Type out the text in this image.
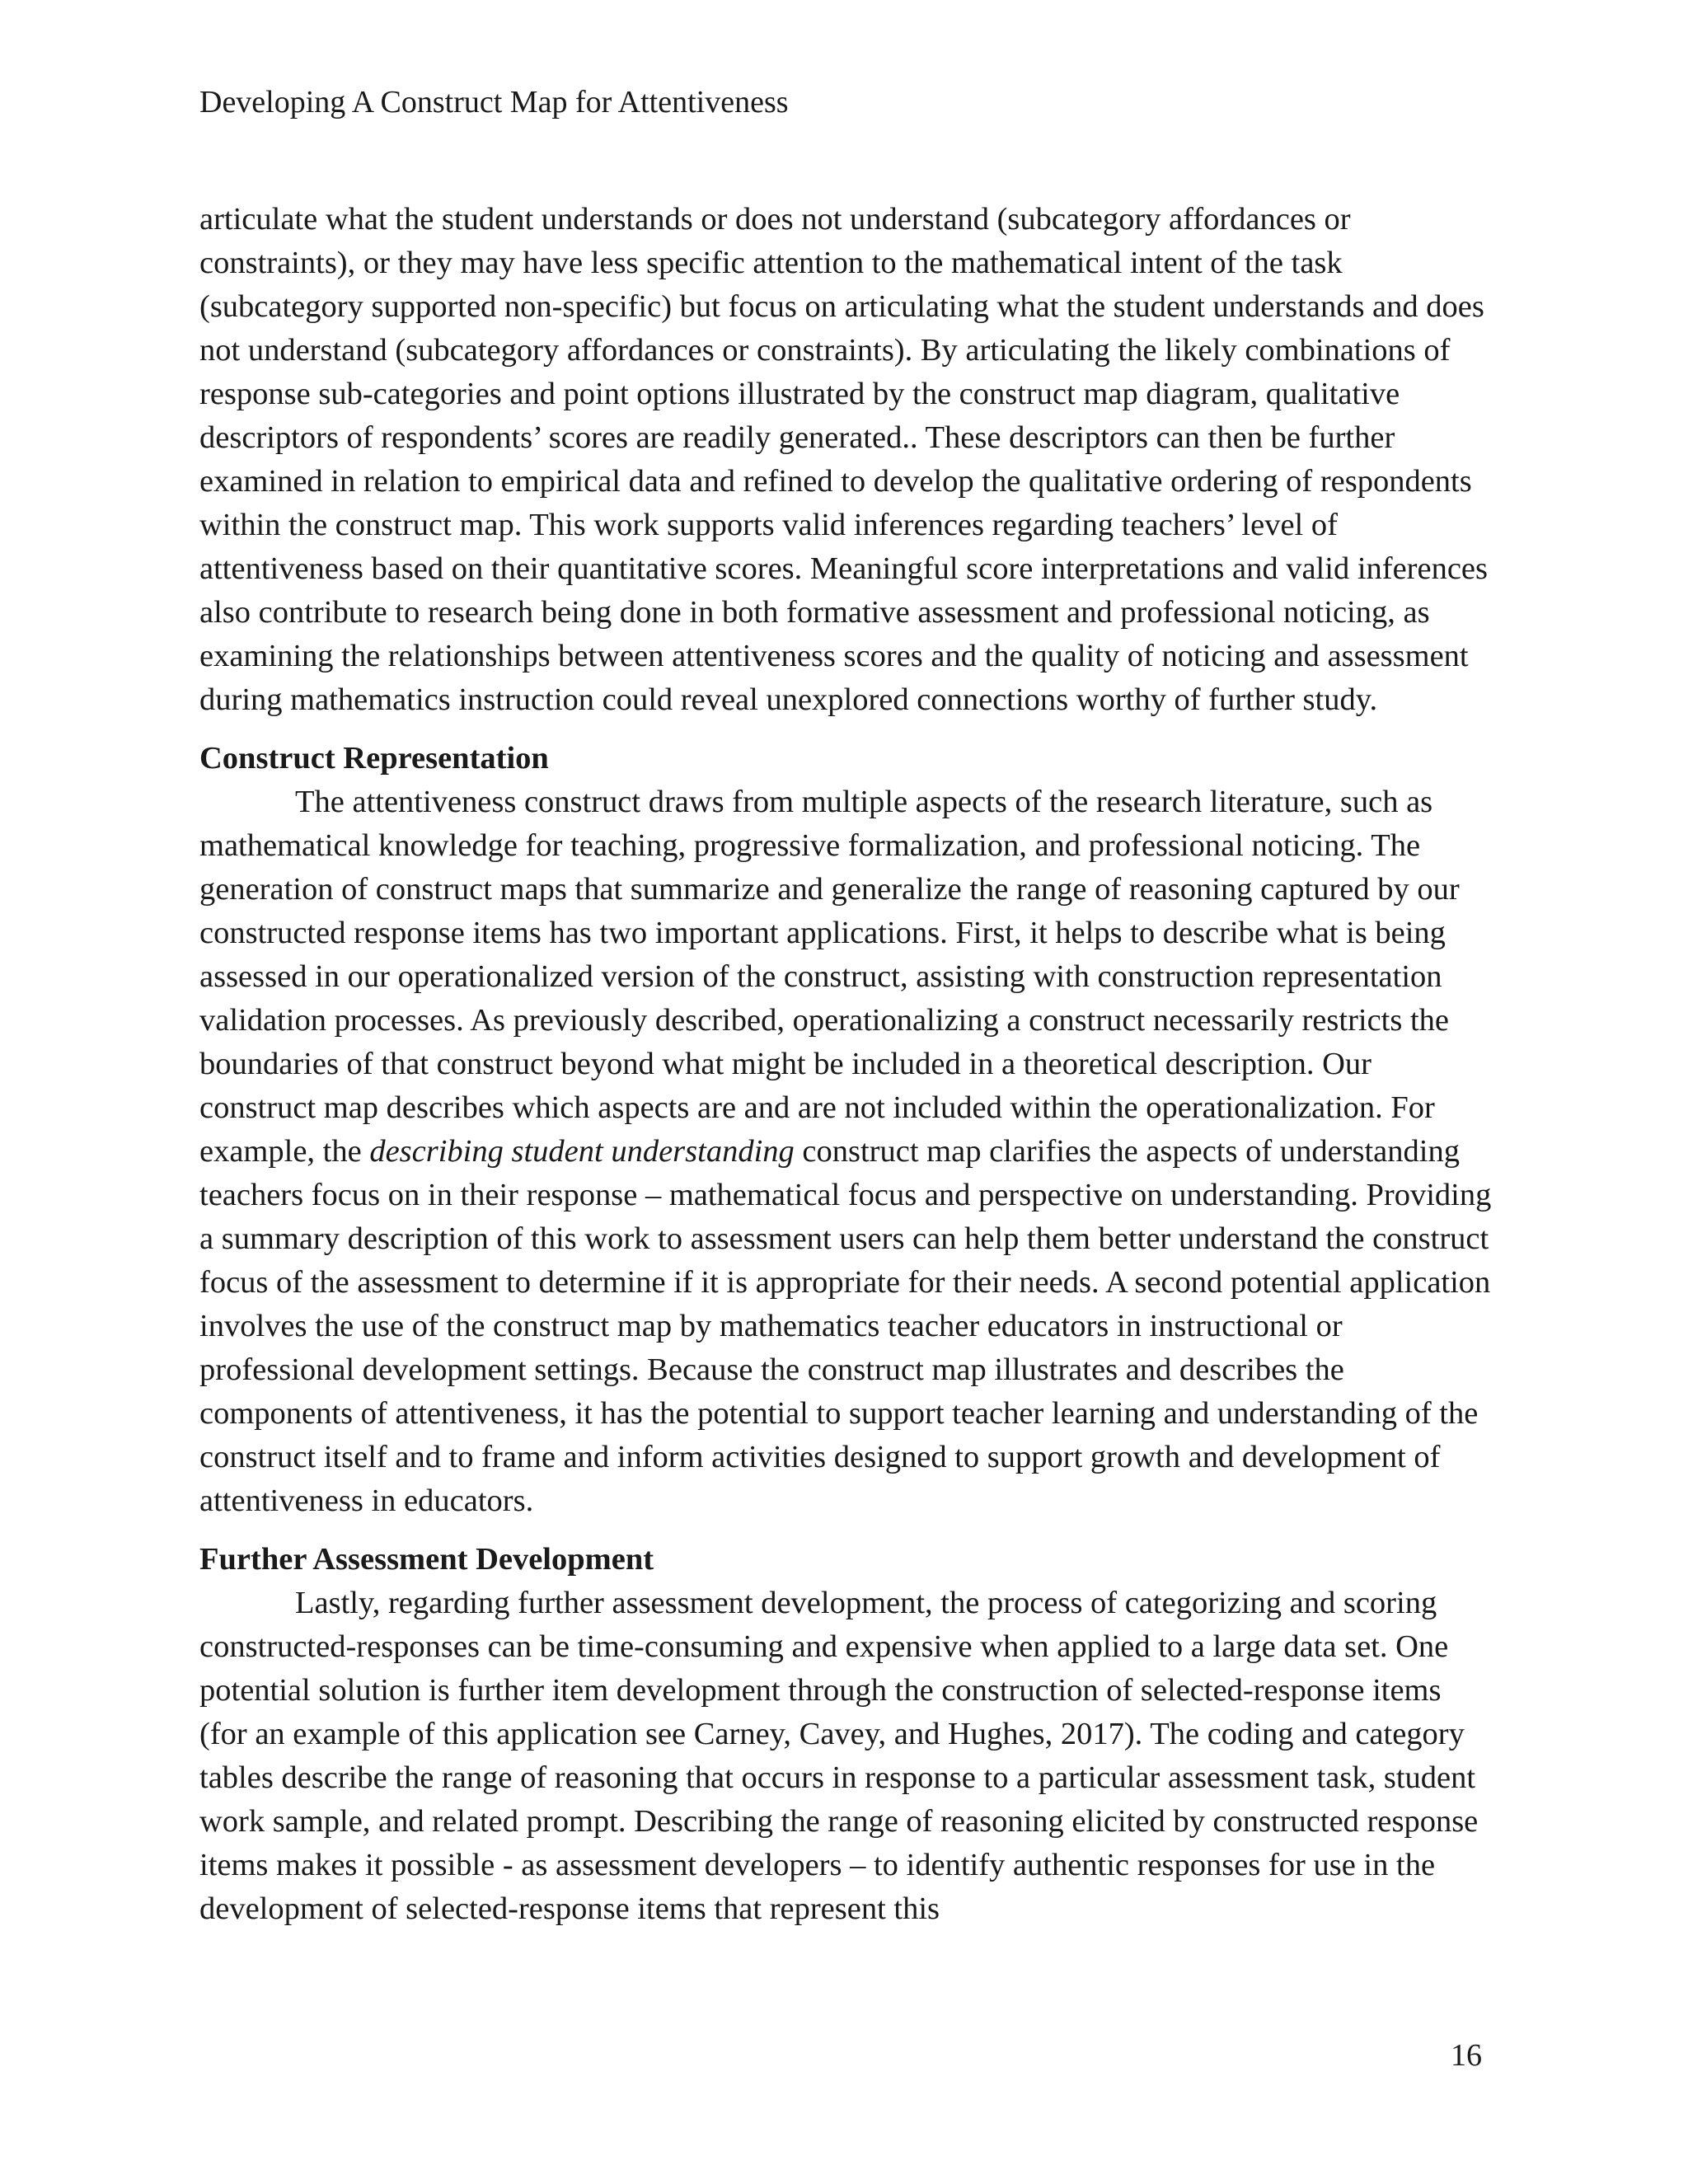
Developing A Construct Map for Attentiveness

articulate what the student understands or does not understand (subcategory affordances or constraints), or they may have less specific attention to the mathematical intent of the task (subcategory supported non-specific) but focus on articulating what the student understands and does not understand (subcategory affordances or constraints). By articulating the likely combinations of response sub-categories and point options illustrated by the construct map diagram, qualitative descriptors of respondents’ scores are readily generated.. These descriptors can then be further examined in relation to empirical data and refined to develop the qualitative ordering of respondents within the construct map. This work supports valid inferences regarding teachers’ level of attentiveness based on their quantitative scores. Meaningful score interpretations and valid inferences also contribute to research being done in both formative assessment and professional noticing, as examining the relationships between attentiveness scores and the quality of noticing and assessment during mathematics instruction could reveal unexplored connections worthy of further study.

Construct Representation

The attentiveness construct draws from multiple aspects of the research literature, such as mathematical knowledge for teaching, progressive formalization, and professional noticing. The generation of construct maps that summarize and generalize the range of reasoning captured by our constructed response items has two important applications. First, it helps to describe what is being assessed in our operationalized version of the construct, assisting with construction representation validation processes. As previously described, operationalizing a construct necessarily restricts the boundaries of that construct beyond what might be included in a theoretical description. Our construct map describes which aspects are and are not included within the operationalization. For example, the describing student understanding construct map clarifies the aspects of understanding teachers focus on in their response – mathematical focus and perspective on understanding. Providing a summary description of this work to assessment users can help them better understand the construct focus of the assessment to determine if it is appropriate for their needs. A second potential application involves the use of the construct map by mathematics teacher educators in instructional or professional development settings. Because the construct map illustrates and describes the components of attentiveness, it has the potential to support teacher learning and understanding of the construct itself and to frame and inform activities designed to support growth and development of attentiveness in educators.

Further Assessment Development

Lastly, regarding further assessment development, the process of categorizing and scoring constructed-responses can be time-consuming and expensive when applied to a large data set. One potential solution is further item development through the construction of selected-response items (for an example of this application see Carney, Cavey, and Hughes, 2017). The coding and category tables describe the range of reasoning that occurs in response to a particular assessment task, student work sample, and related prompt. Describing the range of reasoning elicited by constructed response items makes it possible - as assessment developers – to identify authentic responses for use in the development of selected-response items that represent this

16
